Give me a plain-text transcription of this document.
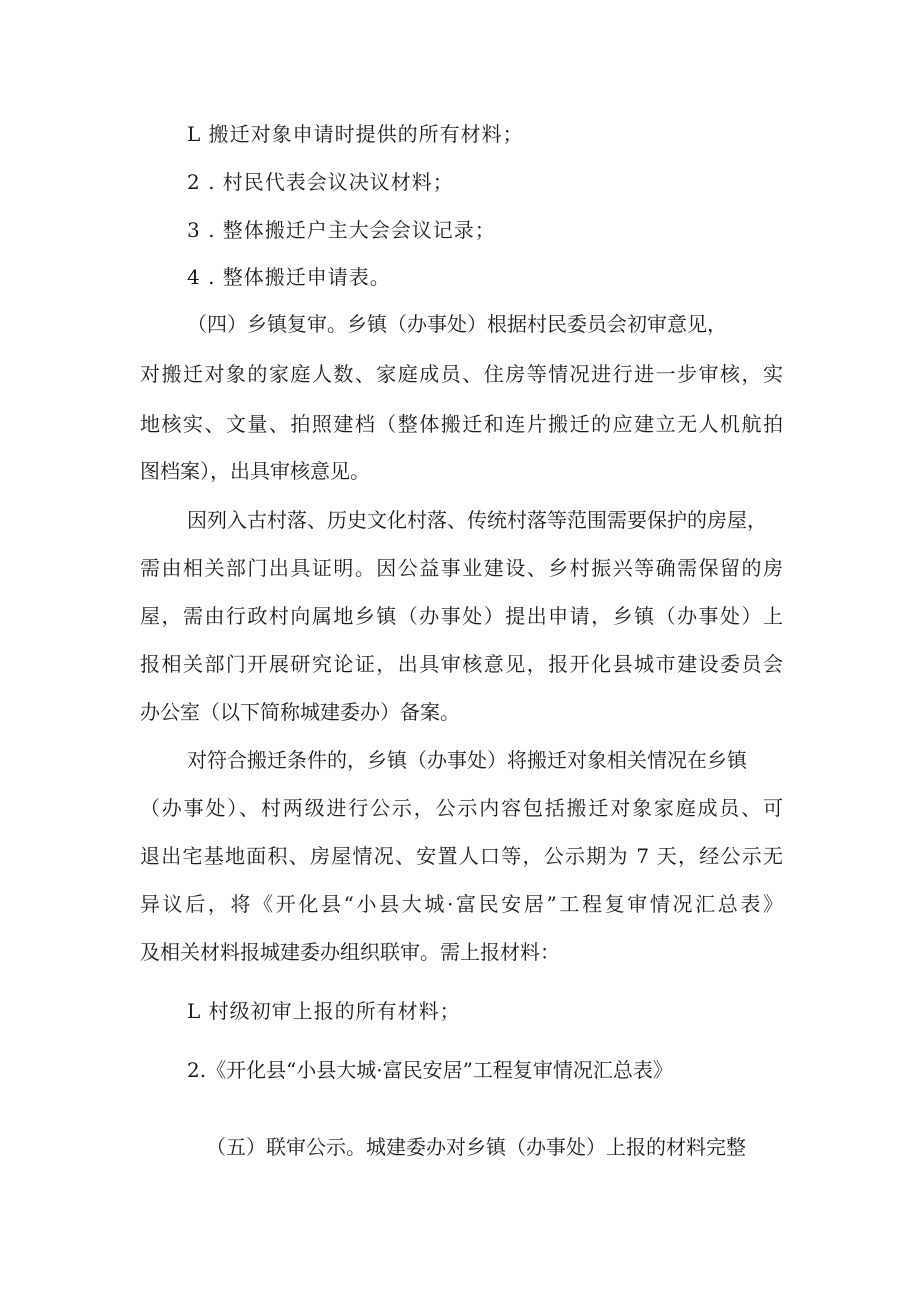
L 搬迁对象申请时提供的所有材料；

2 . 村民代表会议决议材料；

3 . 整体搬迁户主大会会议记录；

4 . 整体搬迁申请表。

（四）乡镇复审。乡镇（办事处）根据村民委员会初审意见，

对搬迁对象的家庭人数、家庭成员、住房等情况进行进一步审核，实

地核实、文量、拍照建档（整体搬迁和连片搬迁的应建立无人机航拍

图档案），出具审核意见。

因列入古村落、历史文化村落、传统村落等范围需要保护的房屋，

需由相关部门出具证明。因公益事业建设、乡村振兴等确需保留的房

屋，需由行政村向属地乡镇（办事处）提出申请，乡镇（办事处）上

报相关部门开展研究论证，出具审核意见，报开化县城市建设委员会

办公室（以下简称城建委办）备案。

对符合搬迁条件的，乡镇（办事处）将搬迁对象相关情况在乡镇

（办事处）、村两级进行公示，公示内容包括搬迁对象家庭成员、可

退出宅基地面积、房屋情况、安置人口等，公示期为 7 天，经公示无

异议后，将《开化县“小县大城·富民安居”工程复审情况汇总表》

及相关材料报城建委办组织联审。需上报材料：

L 村级初审上报的所有材料；

2.《开化县“小县大城·富民安居”工程复审情况汇总表》

（五）联审公示。城建委办对乡镇（办事处）上报的材料完整
